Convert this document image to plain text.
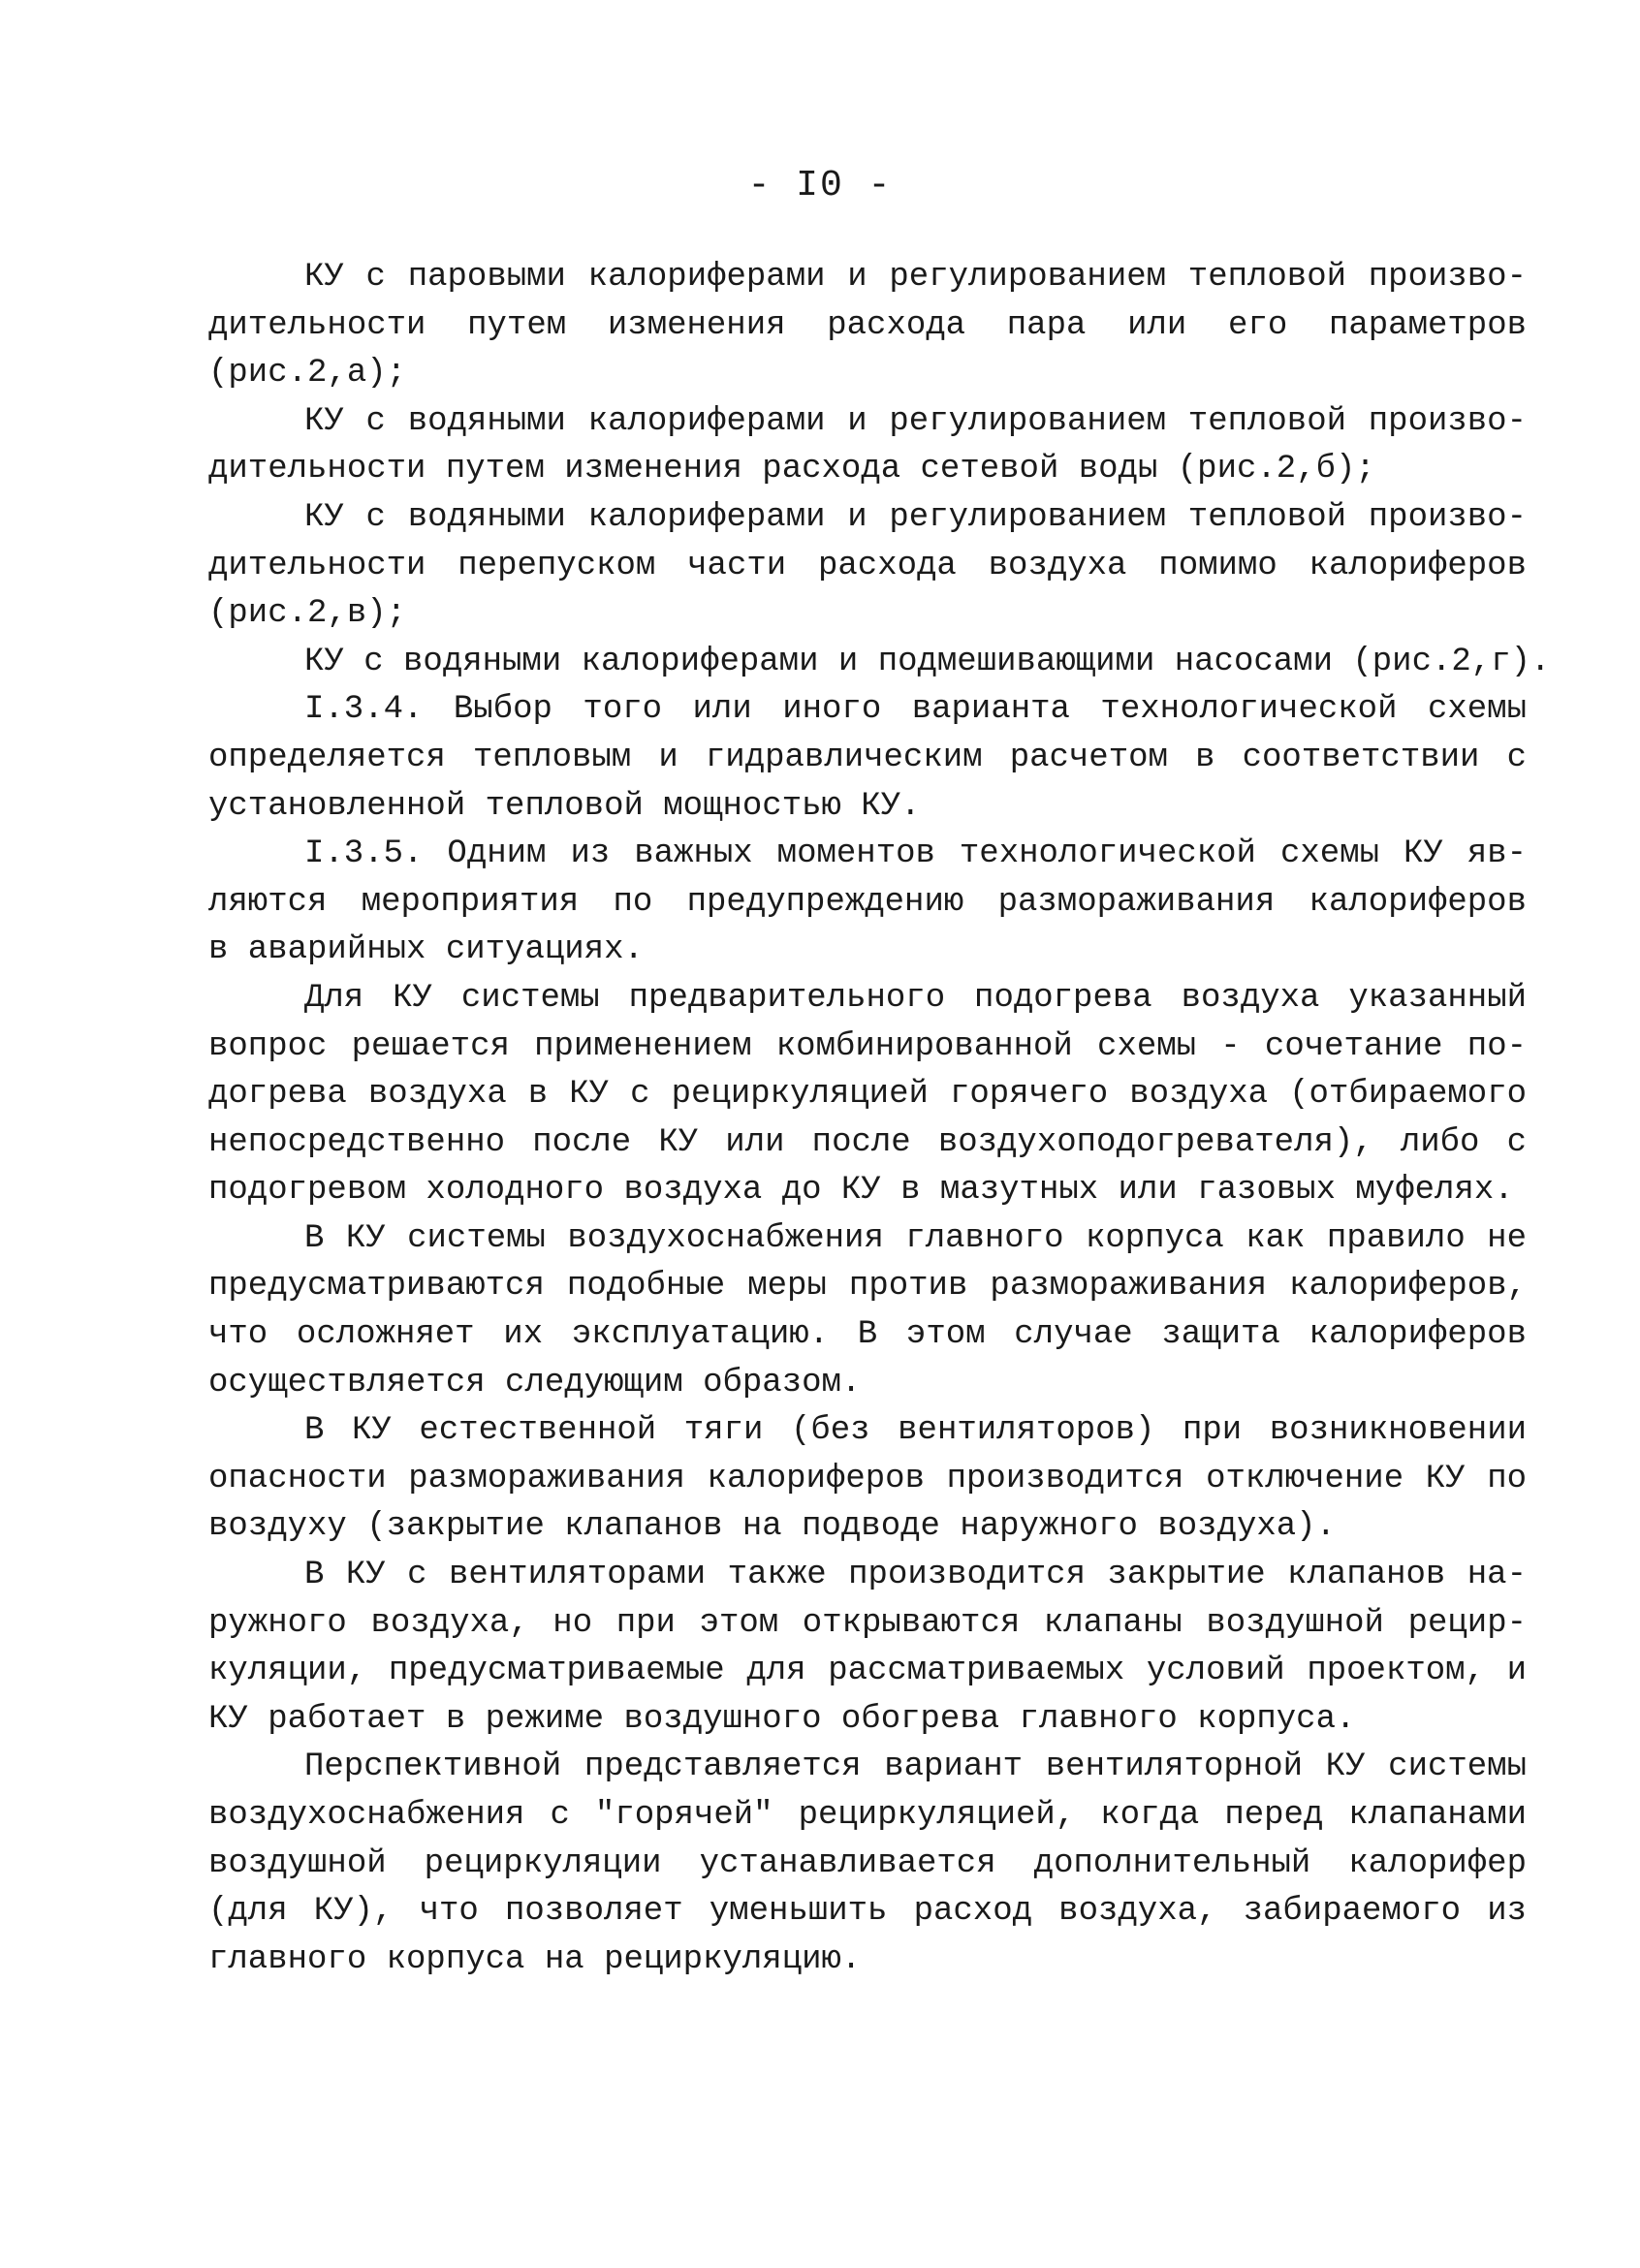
- I0 -
КУ с паровыми калориферами и регулированием тепловой произво-
дительности путем изменения расхода пара или его параметров
(рис.2,а);
КУ с водяными калориферами и регулированием тепловой произво-
дительности путем изменения расхода сетевой воды (рис.2,б);
КУ с водяными калориферами и регулированием тепловой произво-
дительности перепуском части расхода воздуха помимо калориферов
(рис.2,в);
КУ с водяными калориферами и подмешивающими насосами (рис.2,г).
I.3.4. Выбор того или иного варианта технологической схемы
определяется тепловым и гидравлическим расчетом в соответствии с
установленной тепловой мощностью КУ.
I.3.5. Одним из важных моментов технологической схемы КУ яв-
ляются мероприятия по предупреждению размораживания калориферов
в аварийных ситуациях.
Для КУ системы предварительного подогрева воздуха указанный
вопрос решается применением комбинированной схемы - сочетание по-
догрева воздуха в КУ с рециркуляцией горячего воздуха (отбираемого
непосредственно после КУ или после воздухоподогревателя), либо с
подогревом холодного воздуха до КУ в мазутных или газовых муфелях.
В КУ системы воздухоснабжения главного корпуса как правило не
предусматриваются подобные меры против размораживания калориферов,
что осложняет их эксплуатацию. В этом случае защита калориферов
осуществляется следующим образом.
В КУ естественной тяги (без вентиляторов) при возникновении
опасности размораживания калориферов производится отключение КУ по
воздуху (закрытие клапанов на подводе наружного воздуха).
В КУ с вентиляторами также производится закрытие клапанов на-
ружного воздуха, но при этом открываются клапаны воздушной рецир-
куляции, предусматриваемые для рассматриваемых условий проектом, и
КУ работает в режиме воздушного обогрева главного корпуса.
Перспективной представляется вариант вентиляторной КУ системы
воздухоснабжения с "горячей" рециркуляцией, когда перед клапанами
воздушной рециркуляции устанавливается дополнительный калорифер
(для КУ), что позволяет уменьшить расход воздуха, забираемого из
главного корпуса на рециркуляцию.
